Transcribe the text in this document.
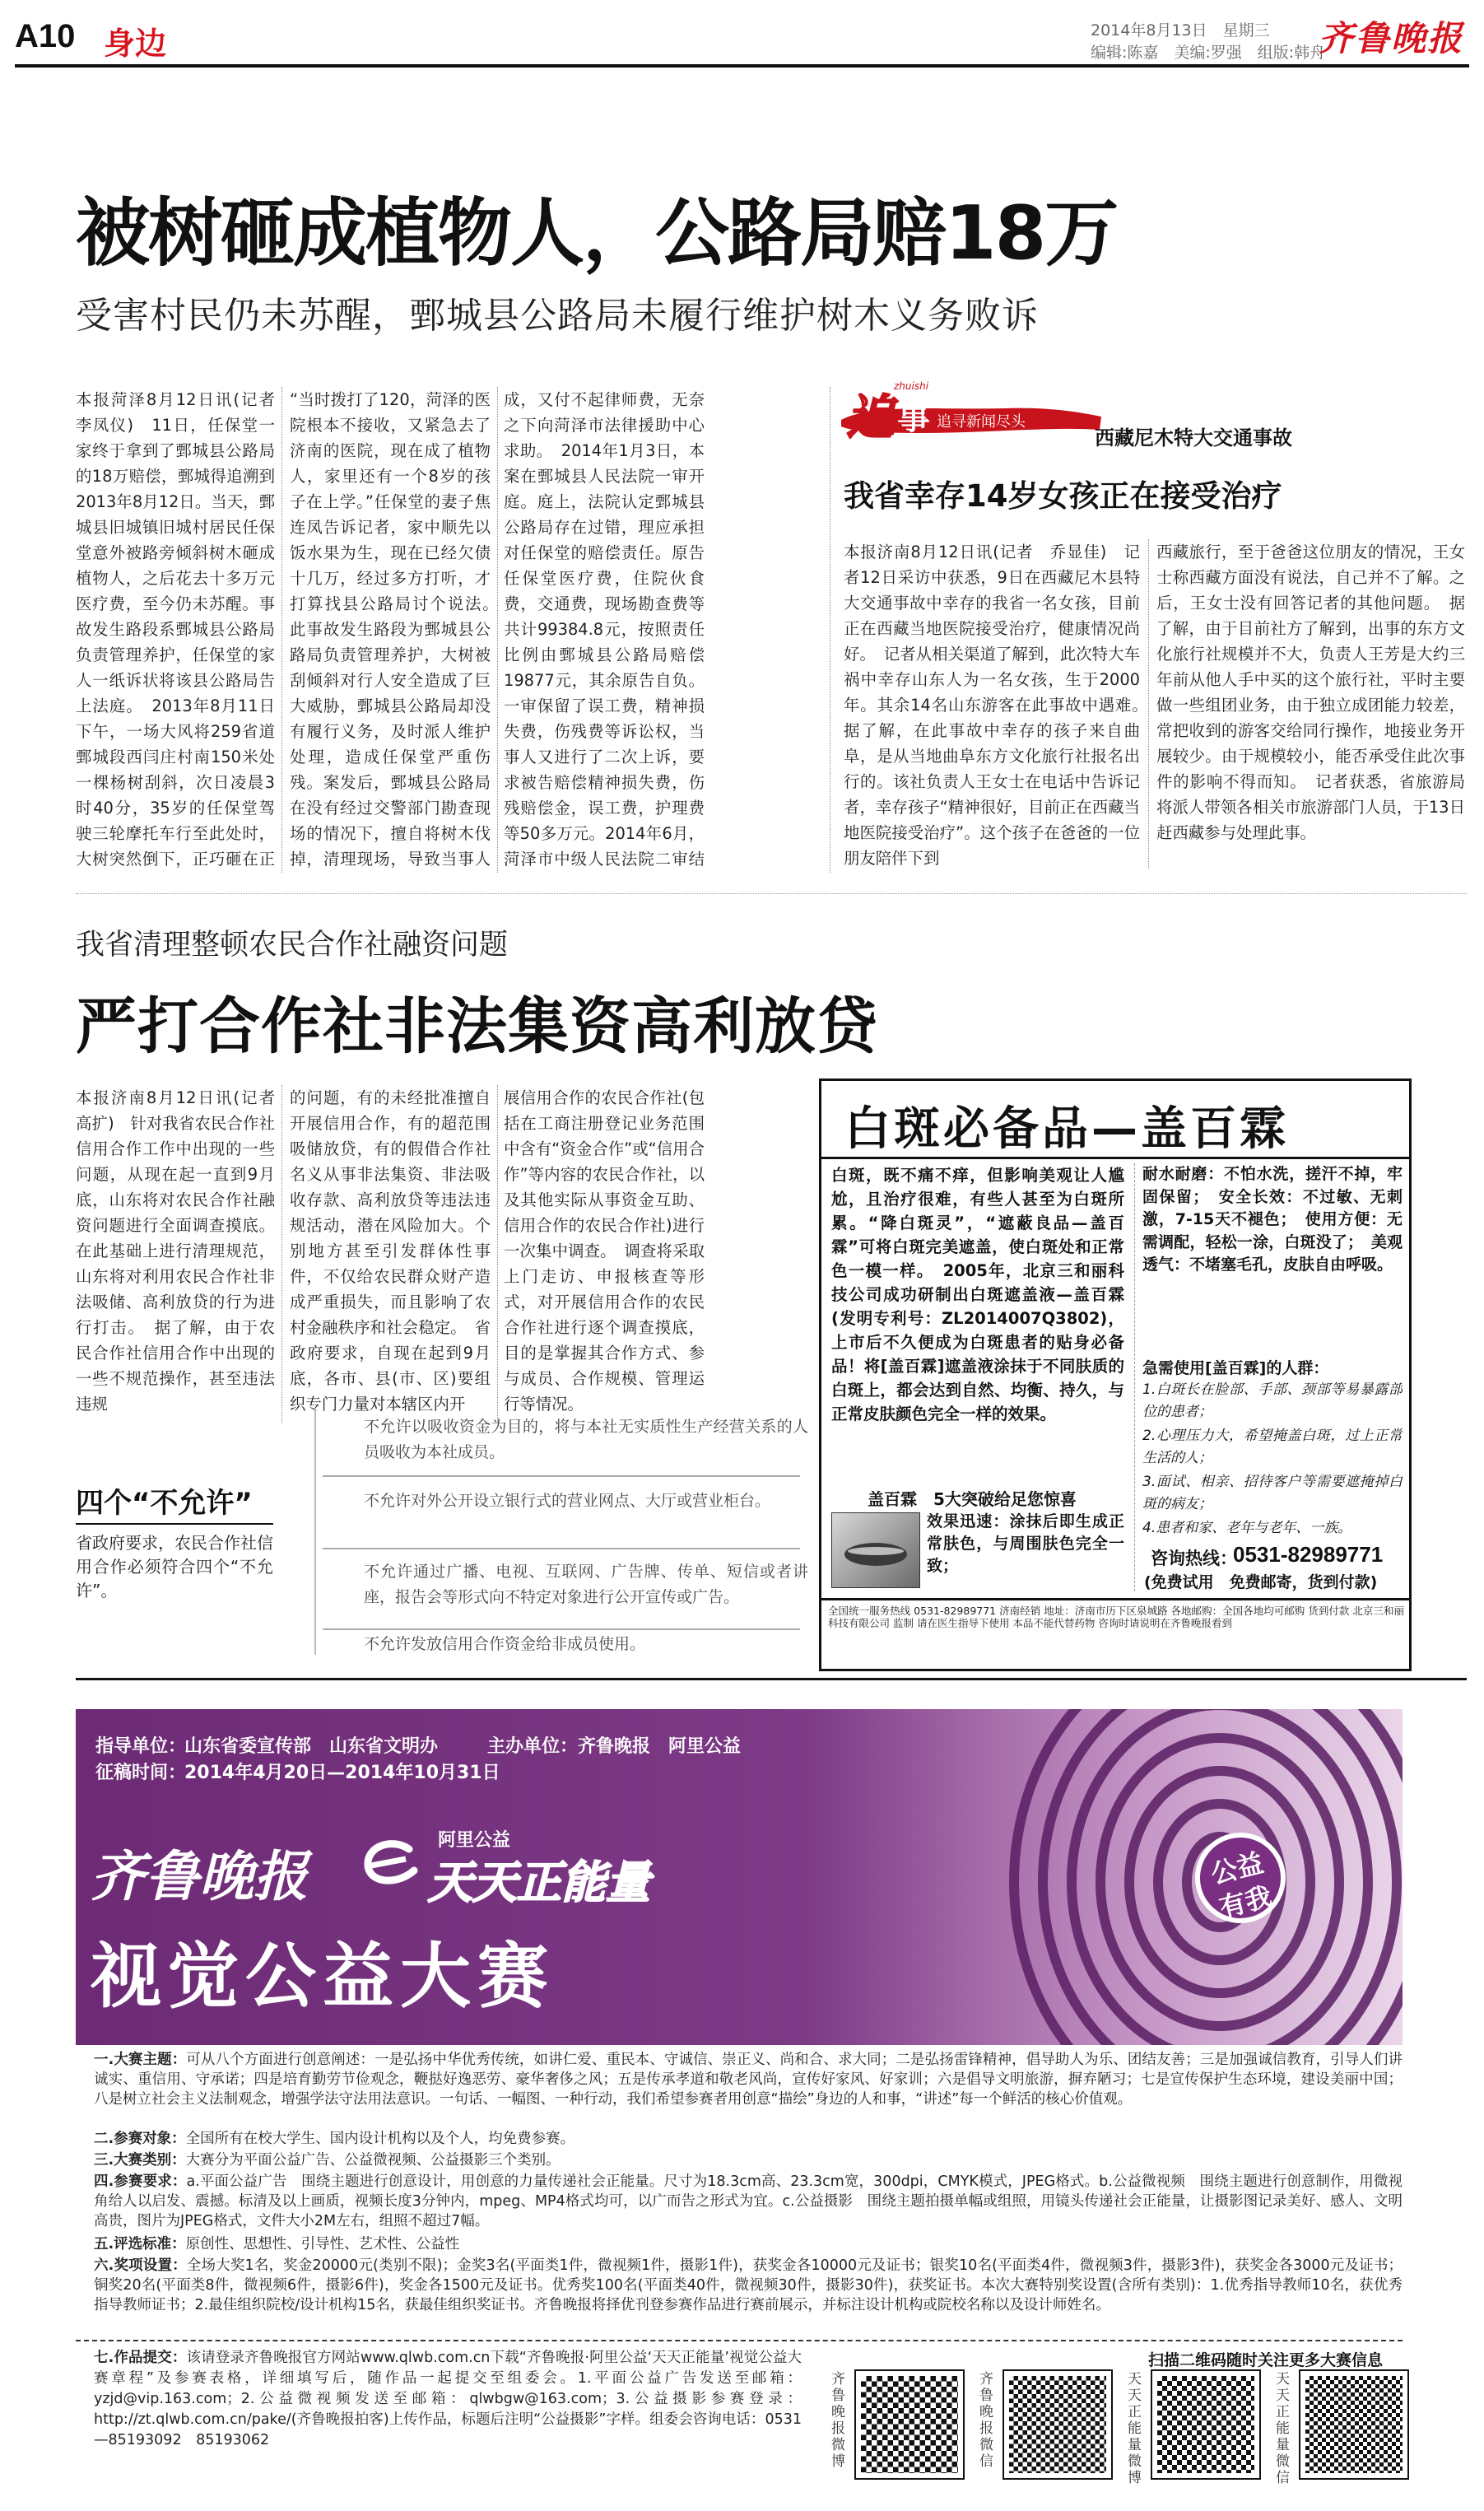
A10 身边	2014年8月13日　星期三
编辑:陈嘉　美编:罗强　组版:韩舟
齐鲁晚报
被树砸成植物人，公路局赔18万
受害村民仍未苏醒，鄄城县公路局未履行维护树木义务败诉
本报菏泽8月12日讯(记者　李凤仪)　11日，任保堂一家终于拿到了鄄城县公路局的18万赔偿，鄄城得追溯到2013年8月12日。当天，鄄城县旧城镇旧城村居民任保堂意外被路旁倾斜树木砸成植物人，之后花去十多万元医疗费，至今仍未苏醒。事故发生路段系鄄城县公路局负责管理养护，任保堂的家人一纸诉状将该县公路局告上法庭。　2013年8月11日下午，一场大风将259省道鄄城段西闫庄村南150米处一棵杨树刮斜，次日凌晨3时40分，35岁的任保堂驾驶三轮摩托车行至此处时，大树突然倒下，正巧砸在正
“当时拨打了120，菏泽的医院根本不接收，又紧急去了济南的医院，现在成了植物人，家里还有一个8岁的孩子在上学。”任保堂的妻子焦连凤告诉记者，家中顺先以饭水果为生，现在已经欠债十几万，经过多方打听，才打算找县公路局讨个说法。　此事故发生路段为鄄城县公路局负责管理养护，大树被刮倾斜对行人安全造成了巨大威胁，鄄城县公路局却没有履行义务，及时派人维护处理，造成任保堂严重伤残。案发后，鄄城县公路局在没有经过交警部门勘查现场的情况下，擅自将树木伐掉，清理现场，导致当事人　
成，又付不起律师费，无奈之下向菏泽市法律援助中心求助。　2014年1月3日，本案在鄄城县人民法院一审开庭。庭上，法院认定鄄城县公路局存在过错，理应承担对任保堂的赔偿责任。原告任保堂医疗费，住院伙食费，交通费，现场勘查费等共计99384.8元，按照责任比例由鄄城县公路局赔偿19877元，其余原告自负。一审保留了误工费，精神损失费，伤残费等诉讼权，当事人又进行了二次上诉，要求被告赔偿精神损失费，伤残赔偿金，误工费，护理费等50多万元。2014年6月，菏泽市中级人民法院二审结
zhuishi
追 事 追寻新闻尽头
西藏尼木特大交通事故
我省幸存14岁女孩正在接受治疗
本报济南8月12日讯(记者　乔显佳)　记者12日采访中获悉，9日在西藏尼木县特大交通事故中幸存的我省一名女孩，目前正在西藏当地医院接受治疗，健康情况尚好。　记者从相关渠道了解到，此次特大车祸中幸存山东人为一名女孩，生于2000年。其余14名山东游客在此事故中遇难。　据了解，在此事故中幸存的孩子来自曲阜，是从当地曲阜东方文化旅行社报名出行的。该社负责人王女士在电话中告诉记者，幸存孩子“精神很好，目前正在西藏当地医院接受治疗”。这个孩子在爸爸的一位朋友陪伴下到
西藏旅行，至于爸爸这位朋友的情况，王女士称西藏方面没有说法，自己并不了解。之后，王女士没有回答记者的其他问题。　据了解，由于目前社方了解到，出事的东方文化旅行社规模并不大，负责人王芳是大约三年前从他人手中买的这个旅行社，平时主要做一些组团业务，由于独立成团能力较差，常把收到的游客交给同行操作，地接业务开展较少。由于规模较小，能否承受住此次事件的影响不得而知。　记者获悉，省旅游局将派人带领各相关市旅游部门人员，于13日赶西藏参与处理此事。
我省清理整顿农民合作社融资问题
严打合作社非法集资高利放贷
本报济南8月12日讯(记者　高扩)　针对我省农民合作社信用合作工作中出现的一些问题，从现在起一直到9月底，山东将对农民合作社融资问题进行全面调查摸底。在此基础上进行清理规范，山东将对利用农民合作社非法吸储、高利放贷的行为进行打击。　据了解，由于农民合作社信用合作中出现的一些不规范操作，甚至违法违规
的问题，有的未经批准擅自开展信用合作，有的超范围吸储放贷，有的假借合作社名义从事非法集资、非法吸收存款、高利放贷等违法违规活动，潜在风险加大。个别地方甚至引发群体性事件，不仅给农民群众财产造成严重损失，而且影响了农村金融秩序和社会稳定。　省政府要求，自现在起到9月底，各市、县(市、区)要组织专门力量对本辖区内开
展信用合作的农民合作社(包括在工商注册登记业务范围中含有“资金合作”或“信用合作”等内容的农民合作社，以及其他实际从事资金互助、信用合作的农民合作社)进行一次集中调查。　调查将采取上门走访、申报核查等形式，对开展信用合作的农民合作社进行逐个调查摸底，目的是掌握其合作方式、参与成员、合作规模、管理运行等情况。
四个“不允许”
省政府要求，农民合作社信用合作必须符合四个“不允许”。
不允许以吸收资金为目的，将与本社无实质性生产经营关系的人员吸收为本社成员。
不允许对外公开设立银行式的营业网点、大厅或营业柜台。
不允许通过广播、电视、互联网、广告牌、传单、短信或者讲座，报告会等形式向不特定对象进行公开宣传或广告。
不允许发放信用合作资金给非成员使用。
白斑必备品—盖百霖
白斑，既不痛不痒，但影响美观让人尴尬，且治疗很难，有些人甚至为白斑所累。“降白斑灵”，“遮蔽良品—盖百霖”可将白斑完美遮盖，使白斑处和正常色一模一样。　2005年，北京三和丽科技公司成功研制出白斑遮盖液—盖百霖(发明专利号：ZL2014007Q3802)，上市后不久便成为白斑患者的贴身必备品！将[盖百霖]遮盖液涂抹于不同肤质的白斑上，都会达到自然、均衡、持久，与正常皮肤颜色完全一样的效果。
盖百霖　5大突破给足您惊喜
效果迅速：涂抹后即生成正常肤色，与周围肤色完全一致；
耐水耐磨：不怕水洗，搓汗不掉，牢固保留；　安全长效：不过敏、无刺激，7-15天不褪色；　使用方便：无需调配，轻松一涂，白斑没了；　美观透气：不堵塞毛孔，皮肤自由呼吸。
急需使用[盖百霖]的人群：
1.白斑长在脸部、手部、颈部等易暴露部位的患者；
2.心理压力大，希望掩盖白斑，过上正常生活的人；
3.面试、相亲、招待客户等需要遮掩掉白斑的病友；
4.患者和家、老年与老年、一族。
咨询热线：
0531-82989771
(免费试用　免费邮寄，货到付款)
全国统一服务热线 0531-82989771 济南经销 地址：济南市历下区泉城路 各地邮购：全国各地均可邮购 货到付款 北京三和丽科技有限公司 监制 请在医生指导下使用 本品不能代替药物 咨询时请说明在齐鲁晚报看到
公益
有我
指导单位：
山东省委宣传部　山东省文明办	主办单位： 齐鲁晚报　阿里公益
征稿时间：
2014年4月20日—2014年10月31日
齐鲁晚报
阿里公益
天天正能量
视觉公益大赛
一.大赛主题：可从八个方面进行创意阐述：一是弘扬中华优秀传统，如讲仁爱、重民本、守诚信、崇正义、尚和合、求大同；二是弘扬雷锋精神，倡导助人为乐、团结友善；三是加强诚信教育，引导人们讲诚实、重信用、守承诺；四是培育勤劳节俭观念，鞭挞好逸恶劳、豪华奢侈之风；五是传承孝道和敬老风尚，宣传好家风、好家训；六是倡导文明旅游，摒弃陋习；七是宣传保护生态环境，建设美丽中国；八是树立社会主义法制观念，增强学法守法用法意识。一句话、一幅图、一种行动，我们希望参赛者用创意“描绘”身边的人和事，“讲述”每一个鲜活的核心价值观。
二.参赛对象：全国所有在校大学生、国内设计机构以及个人，均免费参赛。
三.大赛类别：大赛分为平面公益广告、公益微视频、公益摄影三个类别。
四.参赛要求：a.平面公益广告　围绕主题进行创意设计，用创意的力量传递社会正能量。尺寸为18.3cm高、23.3cm宽，300dpi，CMYK模式，JPEG格式。b.公益微视频　围绕主题进行创意制作，用微视角给人以启发、震撼。标清及以上画质，视频长度3分钟内，mpeg、MP4格式均可，以广而告之形式为宜。c.公益摄影　围绕主题拍摄单幅或组照，用镜头传递社会正能量，让摄影图记录美好、感人、文明高贵，图片为JPEG格式，文件大小2M左右，组照不超过7幅。
五.评选标准：原创性、思想性、引导性、艺术性、公益性
六.奖项设置：全场大奖1名，奖金20000元(类别不限)；金奖3名(平面类1件，微视频1件，摄影1件)，获奖金各10000元及证书；银奖10名(平面类4件，微视频3件，摄影3件)，获奖金各3000元及证书；铜奖20名(平面类8件，微视频6件，摄影6件)，奖金各1500元及证书。优秀奖100名(平面类40件，微视频30件，摄影30件)，获奖证书。本次大赛特别奖设置(含所有类别)：1.优秀指导教师10名，获优秀指导教师证书；2.最佳组织院校/设计机构15名，获最佳组织奖证书。齐鲁晚报将择优刊登参赛作品进行赛前展示，并标注设计机构或院校名称以及设计师姓名。
七.作品提交：该请登录齐鲁晚报官方网站www.qlwb.com.cn下载“齐鲁晚报·阿里公益‘天天正能量’视觉公益大赛章程”及参赛表格，详细填写后，随作品一起提交至组委会。1.平面公益广告发送至邮箱：yzjd@vip.163.com；2.公益微视频发送至邮箱：qlwbgw@163.com；3.公益摄影参赛登录：http://zt.qlwb.com.cn/pake/(齐鲁晚报拍客)上传作品，标题后注明“公益摄影”字样。组委会咨询电话：0531—85193092　85193062
扫描二维码随时关注更多大赛信息
齐鲁晚报微博
齐鲁晚报微信
天天正能量微博
天天正能量微信
